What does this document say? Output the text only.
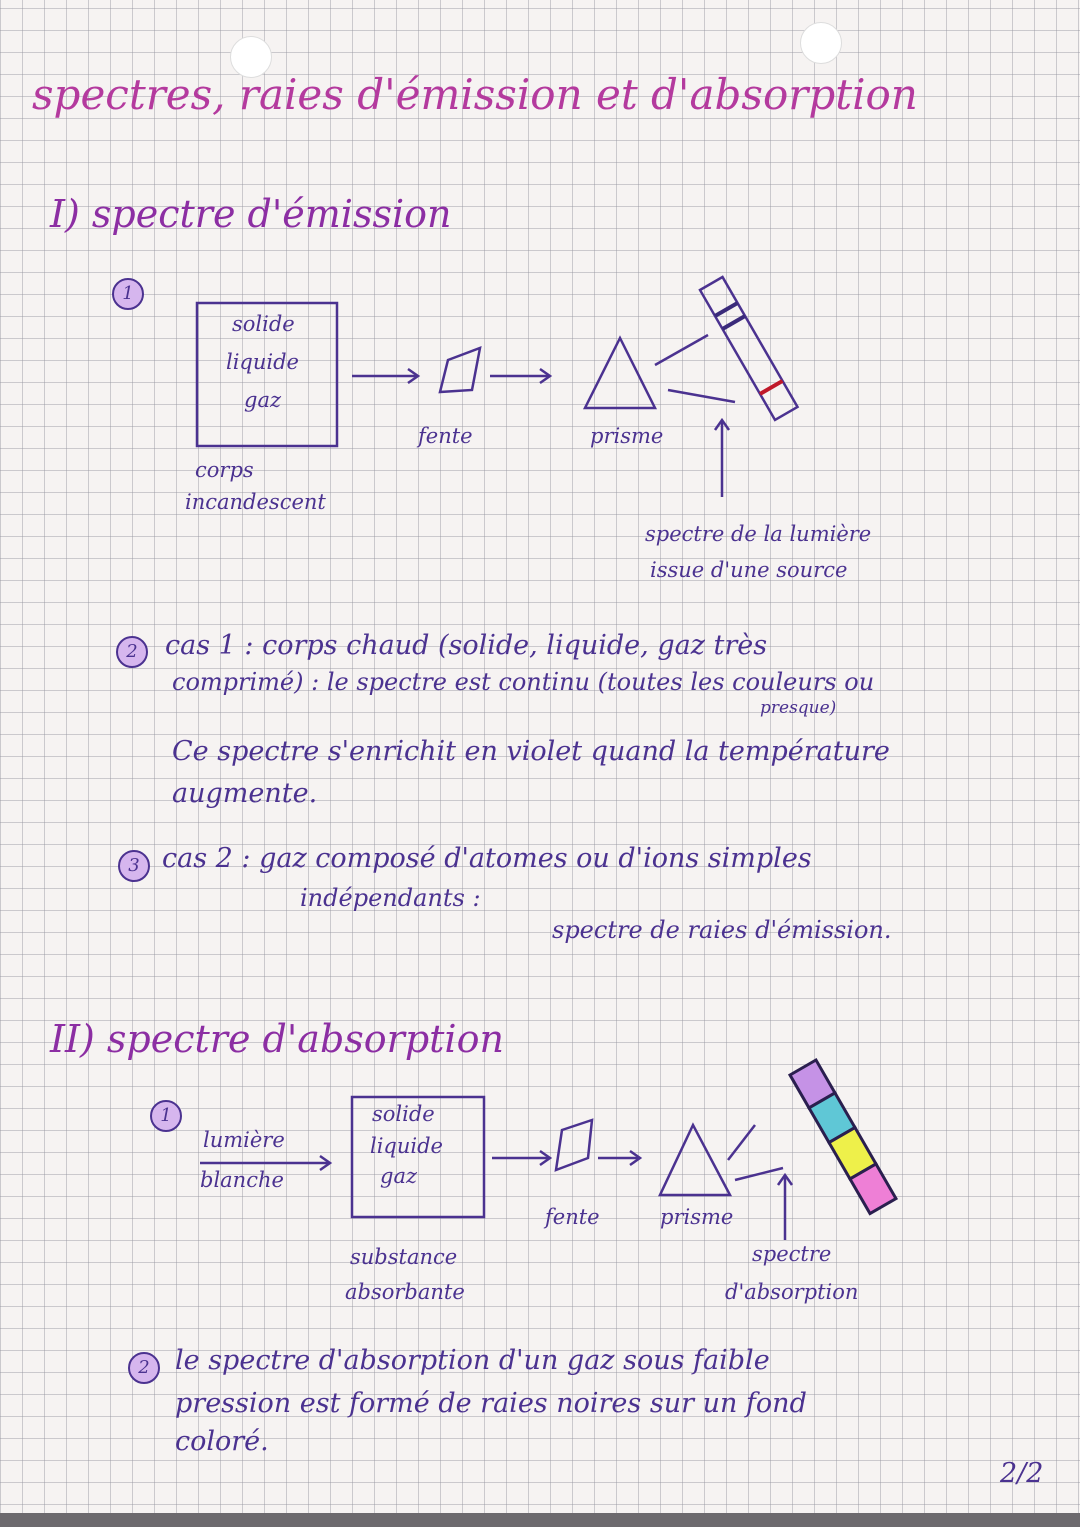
spectres, raies d'émission et d'absorption
I) spectre d'émission
1
solide
liquide
gaz
corps
incandescent
fente	prisme
spectre de la lumière
issue d'une source
2	cas 1 : corps chaud (solide, liquide, gaz très
comprimé) : le spectre est continu (toutes les couleurs ou
presque)
Ce spectre s'enrichit en violet quand la température
augmente.
3 cas 2 : gaz composé d'atomes ou d'ions simples
indépendants :
spectre de raies d'émission.
II) spectre d'absorption
1
lumière
blanche
solide
liquide
gaz
substance
absorbante
fente	prisme
spectre
d'absorption
2 le spectre d'absorption d'un gaz sous faible
pression est formé de raies noires sur un fond
coloré.
2/2
